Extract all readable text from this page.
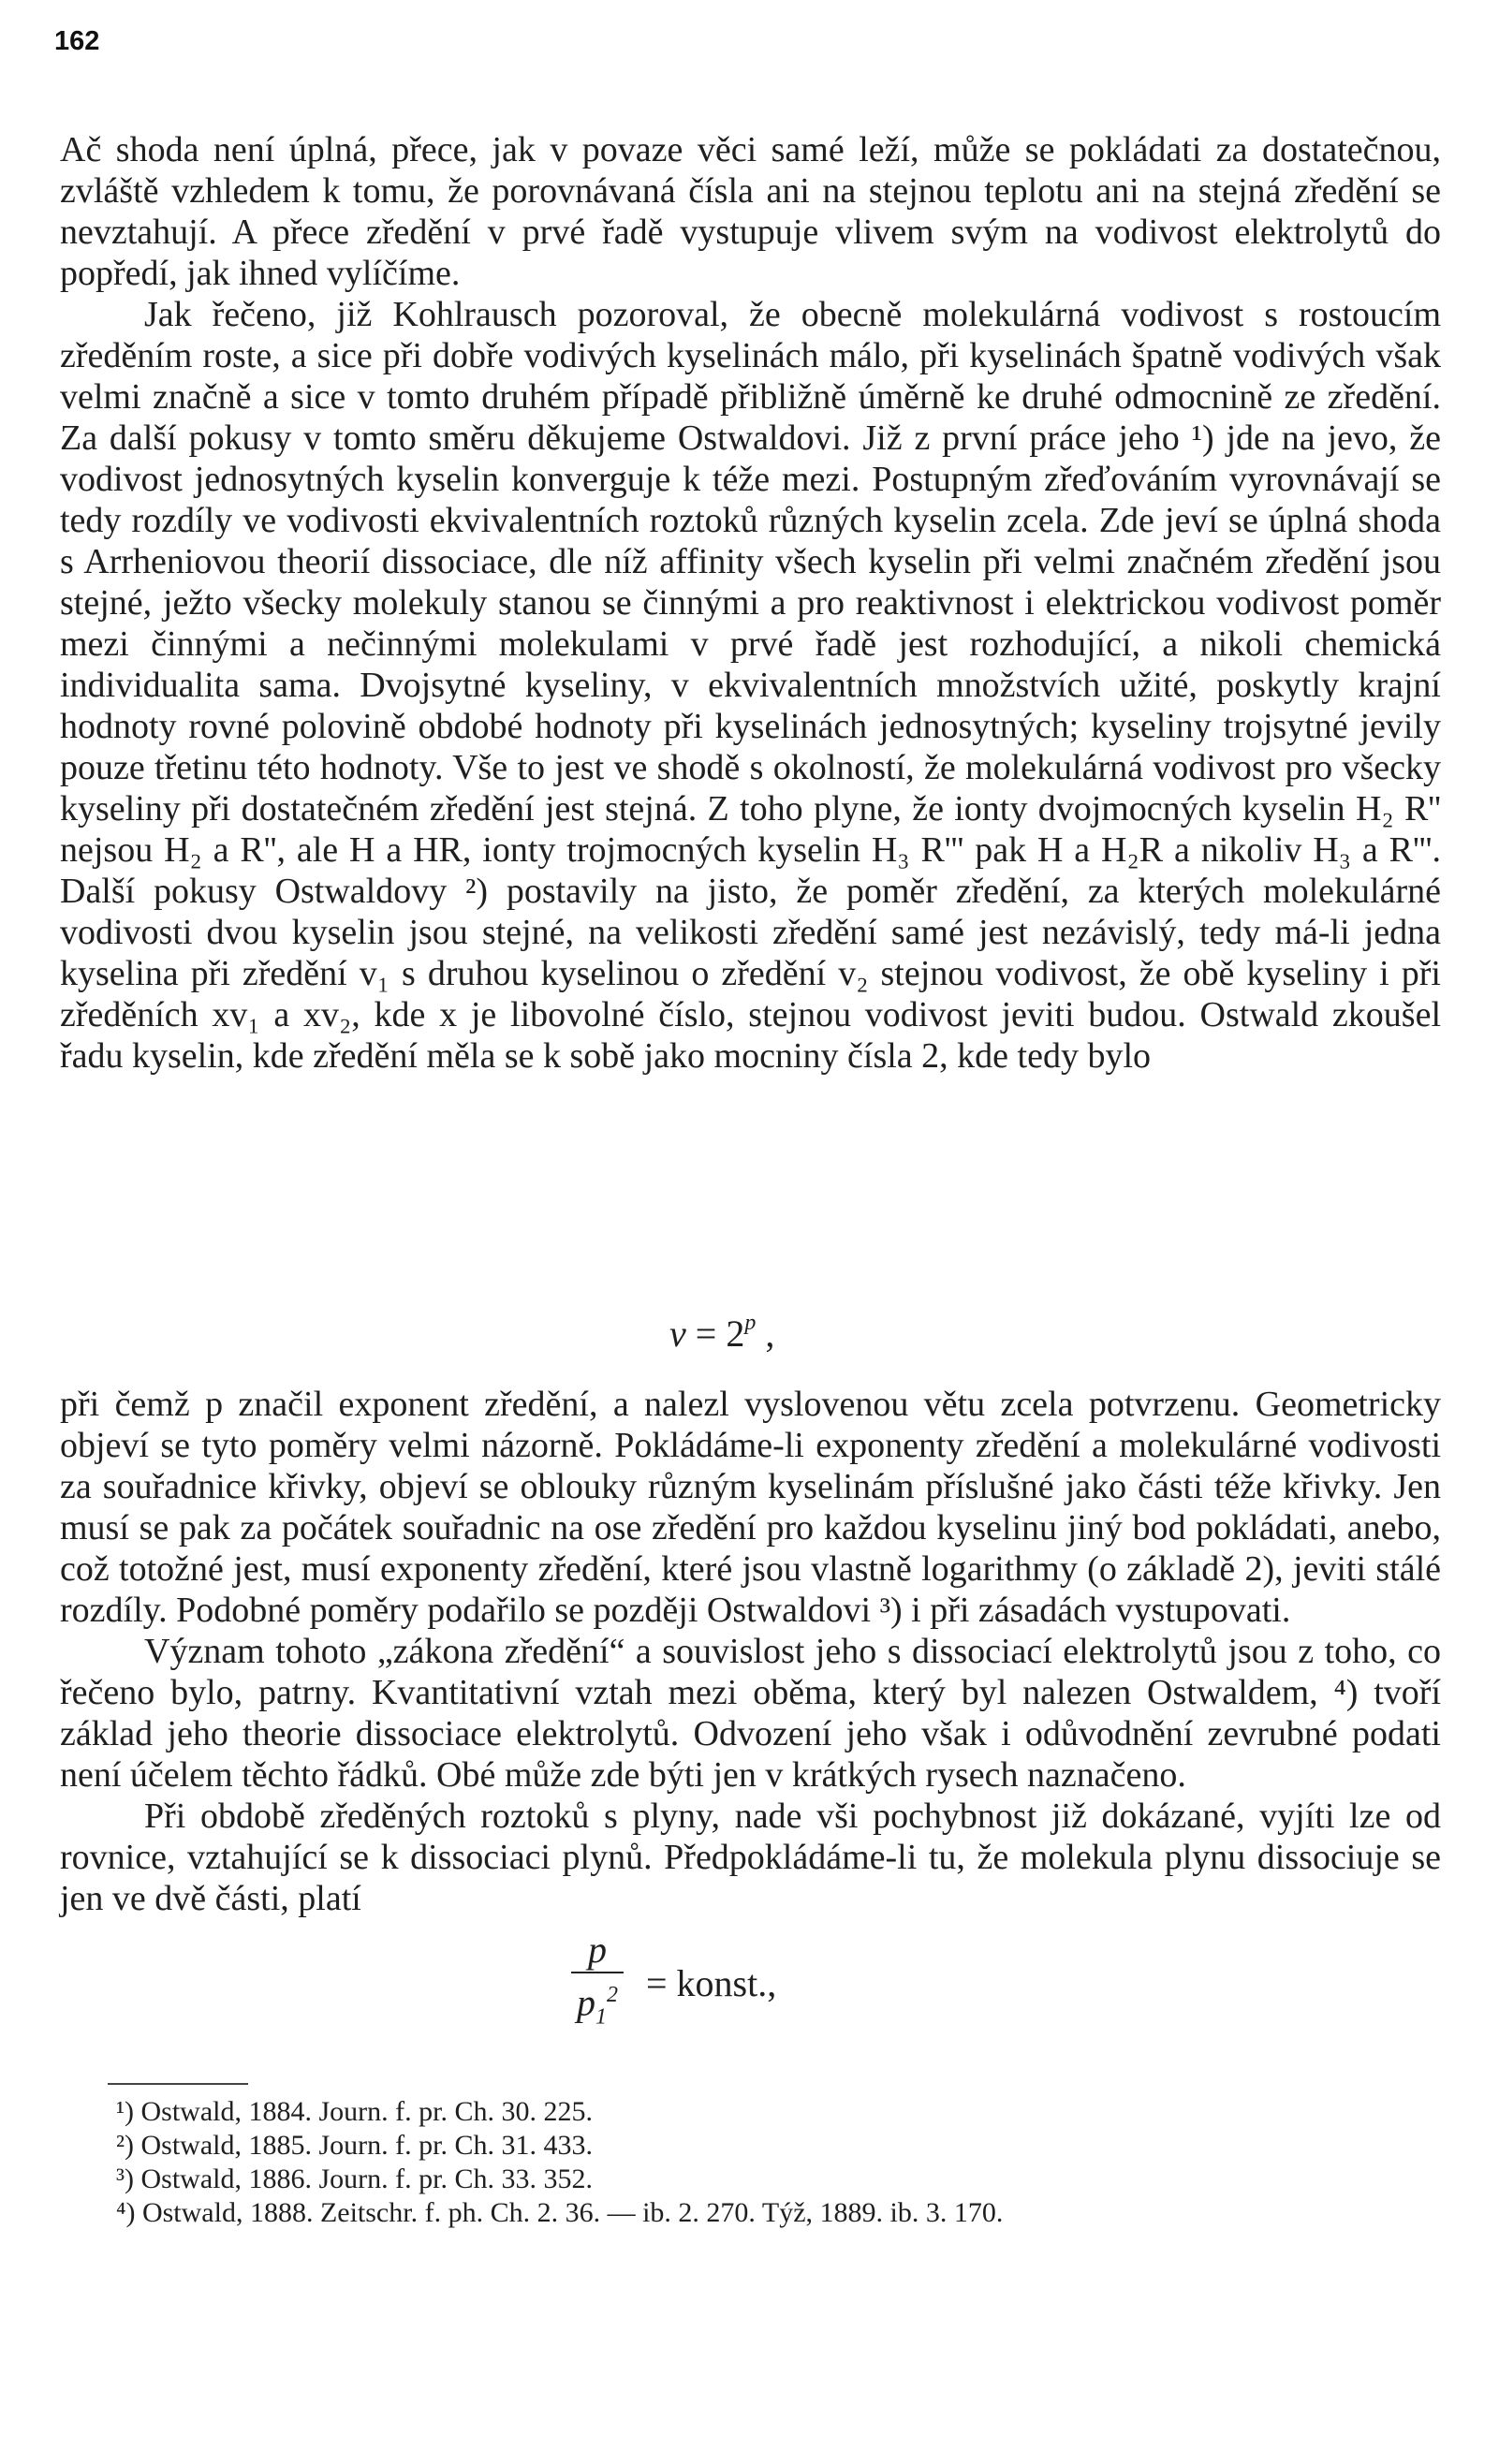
162

Ač shoda není úplná, přece, jak v povaze věci samé leží, může se pokládati za dostatečnou, zvláště vzhledem k tomu, že porovnávaná čísla ani na stejnou teplotu ani na stejná zředění se nevztahují. A přece zředění v prvé řadě vystupuje vlivem svým na vodivost elektrolytů do popředí, jak ihned vylíčíme.

Jak řečeno, již Kohlrausch pozoroval, že obecně molekulárná vodivost s rostoucím zředěním roste, a sice při dobře vodivých kyselinách málo, při kyselinách špatně vodivých však velmi značně a sice v tomto druhém případě přibližně úměrně ke druhé odmocnině ze zředění. Za další pokusy v tomto směru děkujeme Ostwaldovi. Již z první práce jeho ¹) jde na jevo, že vodivost jednosytných kyselin konverguje k téže mezi. Postupným zřeďováním vyrovnávají se tedy rozdíly ve vodivosti ekvivalentních roztoků různých kyselin zcela. Zde jeví se úplná shoda s Arrheniovou theorií dissociace, dle níž affinity všech kyselin při velmi značném zředění jsou stejné, ježto všecky molekuly stanou se činnými a pro reaktivnost i elektrickou vodivost poměr mezi činnými a nečinnými molekulami v prvé řadě jest rozhodující, a nikoli chemická individualita sama. Dvojsytné kyseliny, v ekvivalentních množstvích užité, poskytly krajní hodnoty rovné polovině obdobé hodnoty při kyselinách jednosytných; kyseliny trojsytné jevily pouze třetinu této hodnoty. Vše to jest ve shodě s okolností, že molekulárná vodivost pro všecky kyseliny při dostatečném zředění jest stejná. Z toho plyne, že ionty dvojmocných kyselin H₂ R'' nejsou H₂ a R'', ale H a HR, ionty trojmocných kyselin H₃ R''' pak H a H₂R a nikoliv H₃ a R'''. Další pokusy Ostwaldovy ²) postavily na jisto, že poměr zředění, za kterých molekulárné vodivosti dvou kyselin jsou stejné, na velikosti zředění samé jest nezávislý, tedy má-li jedna kyselina při zředění v₁ s druhou kyselinou o zředění v₂ stejnou vodivost, že obě kyseliny i při zředěních xv₁ a xv₂, kde x je libovolné číslo, stejnou vodivost jeviti budou. Ostwald zkoušel řadu kyselin, kde zředění měla se k sobě jako mocniny čísla 2, kde tedy bylo

$v = 2^p$ ,

při čemž p značil exponent zředění, a nalezl vyslovenou větu zcela potvrzenu. Geometricky objeví se tyto poměry velmi názorně. Pokládáme-li exponenty zředění a molekulárné vodivosti za souřadnice křivky, objeví se oblouky různým kyselinám příslušné jako části téže křivky. Jen musí se pak za počátek souřadnic na ose zředění pro každou kyselinu jiný bod pokládati, anebo, což totožné jest, musí exponenty zředění, které jsou vlastně logarithmy (o základě 2), jeviti stálé rozdíly. Podobné poměry podařilo se později Ostwaldovi ³) i při zásadách vystupovati.

Význam tohoto „zákona zředění“ a souvislost jeho s dissociací elektrolytů jsou z toho, co řečeno bylo, patrny. Kvantitativní vztah mezi oběma, který byl nalezen Ostwaldem, ⁴) tvoří základ jeho theorie dissociace elektrolytů. Odvození jeho však i odůvodnění zevrubné podati není účelem těchto řádků. Obé může zde býti jen v krátkých rysech naznačeno.

Při obdobě zředěných roztoků s plyny, nade vši pochybnost již dokázané, vyjíti lze od rovnice, vztahující se k dissociaci plynů. Předpokládáme-li tu, že molekula plynu dissociuje se jen ve dvě části, platí

$\frac{p}{p_1^2}$ = konst.,
¹) Ostwald, 1884. Journ. f. pr. Ch. 30. 225.
²) Ostwald, 1885. Journ. f. pr. Ch. 31. 433.
³) Ostwald, 1886. Journ. f. pr. Ch. 33. 352.
⁴) Ostwald, 1888. Zeitschr. f. ph. Ch. 2. 36. — ib. 2. 270. Týž, 1889. ib. 3. 170.
